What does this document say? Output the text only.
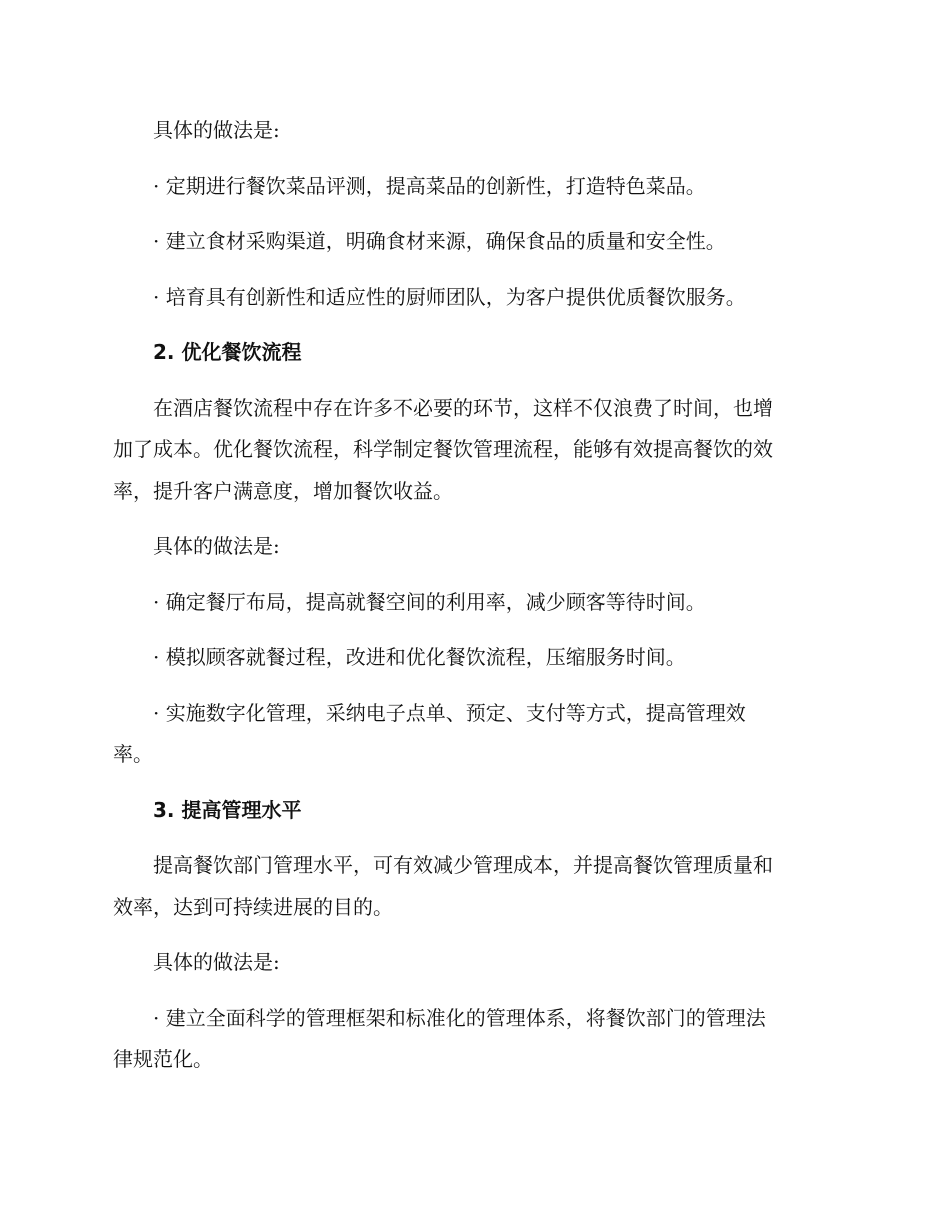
具体的做法是:
· 定期进行餐饮菜品评测，提高菜品的创新性，打造特色菜品。
· 建立食材采购渠道，明确食材来源，确保食品的质量和安全性。
· 培育具有创新性和适应性的厨师团队，为客户提供优质餐饮服务。
2. 优化餐饮流程
在酒店餐饮流程中存在许多不必要的环节，这样不仅浪费了时间，也增
加了成本。优化餐饮流程，科学制定餐饮管理流程，能够有效提高餐饮的效
率，提升客户满意度，增加餐饮收益。
具体的做法是:
· 确定餐厅布局，提高就餐空间的利用率，减少顾客等待时间。
· 模拟顾客就餐过程，改进和优化餐饮流程，压缩服务时间。
· 实施数字化管理，采纳电子点单、预定、支付等方式，提高管理效
率。
3. 提高管理水平
提高餐饮部门管理水平，可有效减少管理成本，并提高餐饮管理质量和
效率，达到可持续进展的目的。
具体的做法是:
· 建立全面科学的管理框架和标准化的管理体系，将餐饮部门的管理法
律规范化。
